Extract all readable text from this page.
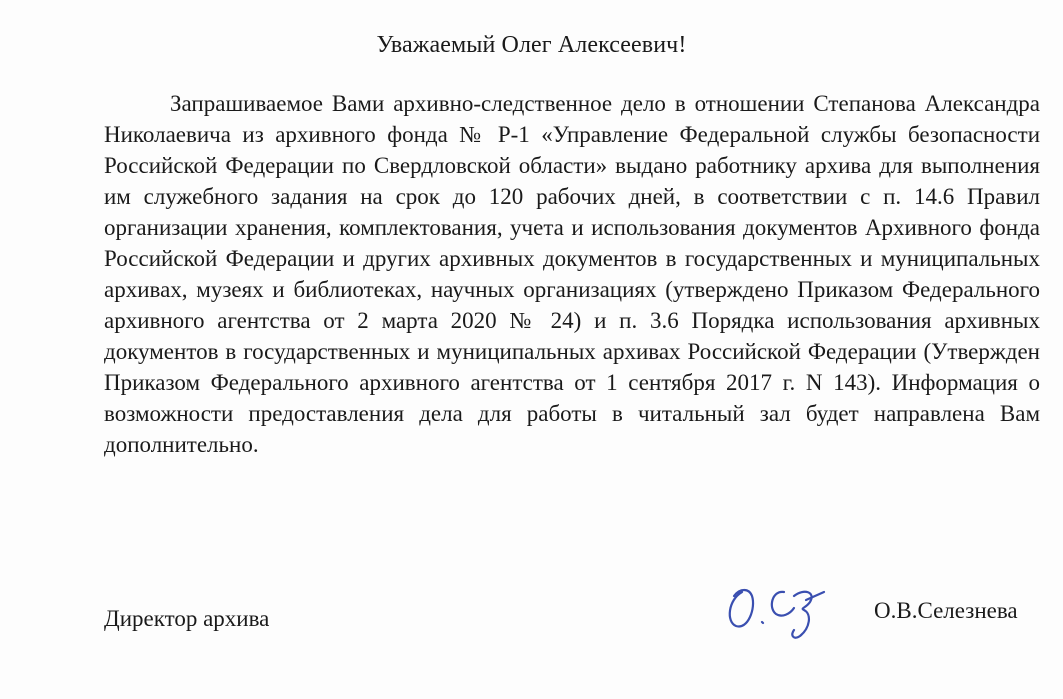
Уважаемый Олег Алексеевич!

Запрашиваемое Вами архивно-следственное дело в отношении Степанова Александра Николаевича из архивного фонда № Р-1 «Управление Федеральной службы безопасности Российской Федерации по Свердловской области» выдано работнику архива для выполнения им служебного задания на срок до 120 рабочих дней, в соответствии с п. 14.6 Правил организации хранения, комплектования, учета и использования документов Архивного фонда Российской Федерации и других архивных документов в государственных и муниципальных архивах, музеях и библиотеках, научных организациях (утверждено Приказом Федерального архивного агентства от 2 марта 2020 № 24) и п. 3.6 Порядка использования архивных документов в государственных и муниципальных архивах Российской Федерации (Утвержден Приказом Федерального архивного агентства от 1 сентября 2017 г. N 143). Информация о возможности предоставления дела для работы в читальный зал будет направлена Вам дополнительно.

Директор архива	О.В.Селезнева
